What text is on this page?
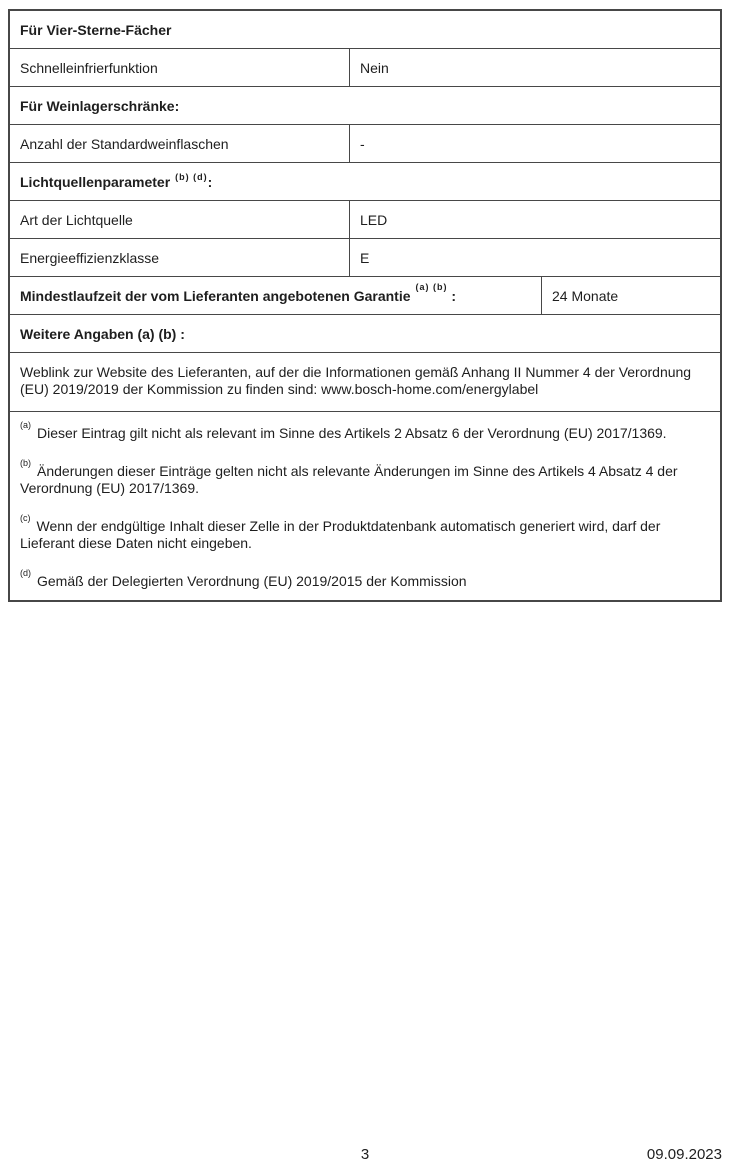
Für Vier-Sterne-Fächer
Schnelleinfrierfunktion	Nein
Für Weinlagerschränke:
Anzahl der Standardweinflaschen	-
Lichtquellenparameter $^{(b) (d)}$ :
Art der Lichtquelle	LED
Energieeffizienzklasse	E
Mindestlaufzeit der vom Lieferanten angebotenen Garantie$^{(a) (b)}$ :	24 Monate
Weitere Angaben (a) (b) :
Weblink zur Website des Lieferanten, auf der die Informationen gemäß Anhang II Nummer 4 der Verordnung (EU) 2019/2019 der Kommission zu finden sind: www.bosch-home.com/energylabel

$^{(a)}$ Dieser Eintrag gilt nicht als relevant im Sinne des Artikels 2 Absatz 6 der Verordnung (EU) 2017/1369.

$^{(b)}$ Änderungen dieser Einträge gelten nicht als relevante Änderungen im Sinne des Artikels 4 Absatz 4 der Verordnung (EU) 2017/1369.

$^{(c)}$ Wenn der endgültige Inhalt dieser Zelle in der Produktdatenbank automatisch generiert wird, darf der Lieferant diese Daten nicht eingeben.

$^{(d)}$ Gemäß der Delegierten Verordnung (EU) 2019/2015 der Kommission

3	09.09.2023
